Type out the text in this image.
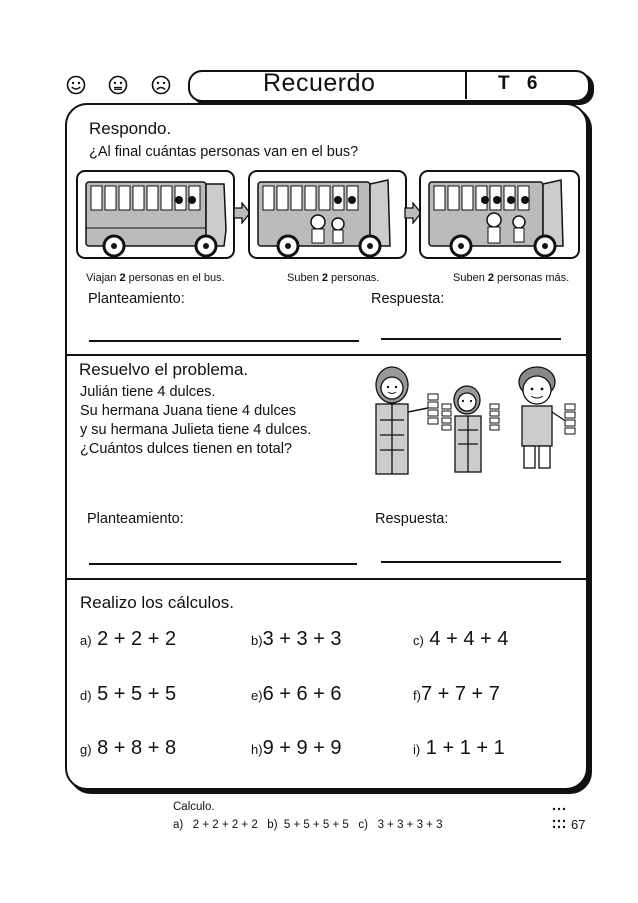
Recuerdo	T 6
Respondo.
¿Al final cuántas personas van en el bus?
Viajan 2 personas en el bus.	Suben 2 personas.	Suben 2 personas más.
Planteamiento:	Respuesta:
Resuelvo el problema.
Julián tiene 4 dulces.
Su hermana Juana tiene 4 dulces
y su hermana Julieta tiene 4 dulces.
¿Cuántos dulces tienen en total?
Planteamiento:	Respuesta:
Realizo los cálculos.
a) 2 + 2 + 2	b)3 + 3 + 3	c) 4 + 4 + 4
d) 5 + 5 + 5	e)6 + 6 + 6	f)7 + 7 + 7
g) 8 + 8 + 8	h)9 + 9 + 9	i) 1 + 1 + 1
Calculo.
a)   2 + 2 + 2 + 2   b)  5 + 5 + 5 + 5   c)   3 + 3 + 3 + 3	67
